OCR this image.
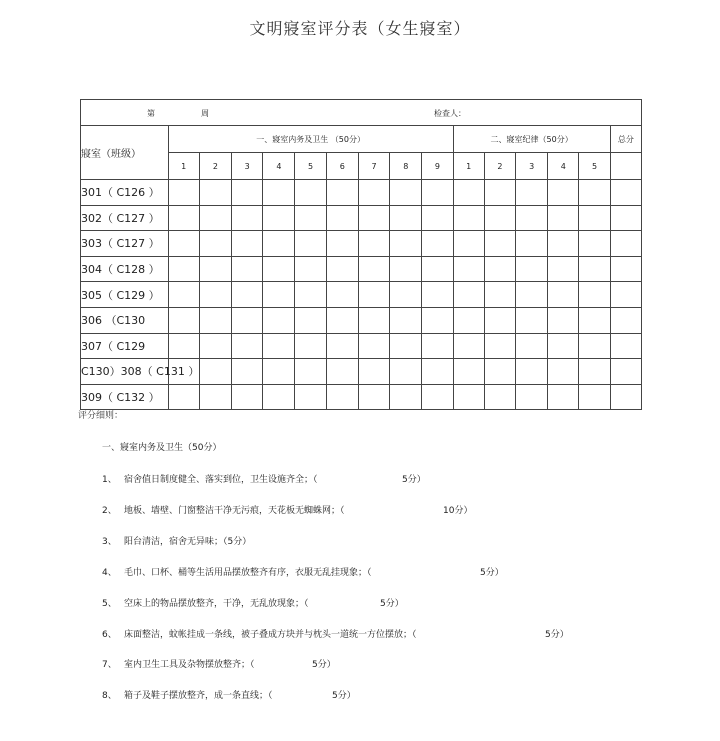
文明寢室评分表（女生寢室）
第 周 检查人：															

寢室（班级）	一、寢室内务及卫生 （50分）									二、寢室纪律（50分）					总分
	1	2	3	4	5	6	7	8	9	1	2	3	4	5	
301（ C126 ）															
302（ C127 ）															
303（ C127 ）															
304（ C128 ）															
305（ C129 ）															
306 （C130															
307（ C129															
C130）308（ C131 ）															
309（ C132 ）															
评分细则：
一、寢室内务及卫生（50分）
1、 宿舍值日制度健全、落实到位，卫生设施齐全；（	5分）
2、 地板、墙壁、门窗整洁干净无污痕，天花板无蜘蛛网；（	10分）
3、 阳台清洁，宿舍无异味；（5分）
4、 毛巾、口杯、桶等生活用品摆放整齐有序，衣服无乱挂现象；（	5分）
5、 空床上的物品摆放整齐，干净，无乱放现象；（	5分）
6、 床面整洁，蚊帐挂成一条线，被子叠成方块并与枕头一道统一方位摆放；（	5分）
7、 室内卫生工具及杂物摆放整齐；（	5分）
8、 箱子及鞋子摆放整齐，成一条直线；（	5分）
